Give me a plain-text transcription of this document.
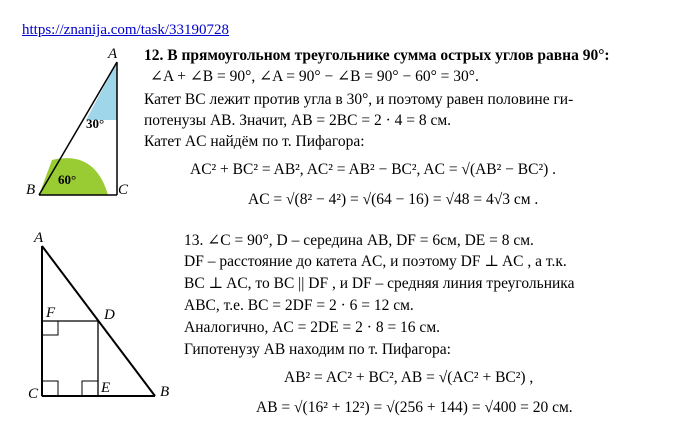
https://znanija.com/task/33190728
A
B	C
30°
60°
A
B
C
D
E
F
12. В прямоугольном треугольнике сумма острых углов равна 90°:
∠A + ∠B = 90°, ∠A = 90° − ∠B = 90° − 60° = 30°.
Катет BC лежит против угла в 30°, и поэтому равен половине ги-
потенузы AB. Значит, AB = 2BC = 2 · 4 = 8 см.
Катет AC найдём по т. Пифагора:
AC² + BC² = AB², AC² = AB² − BC², AC = √(AB² − BC²) .
AC = √(8² − 4²) = √(64 − 16) = √48 = 4√3 см .
13. ∠C = 90°, D – середина AB, DF = 6см, DE = 8 см.
DF – расстояние до катета AC, и поэтому DF ⊥ AC , а т.к.
BC ⊥ AC, то BC || DF , и DF – средняя линия треугольника
ABC, т.е. BC = 2DF = 2 · 6 = 12 см.
Аналогично, AC = 2DE = 2 · 8 = 16 см.
Гипотенузу AB находим по т. Пифагора:
AB² = AC² + BC², AB = √(AC² + BC²) ,
AB = √(16² + 12²) = √(256 + 144) = √400 = 20 см.
